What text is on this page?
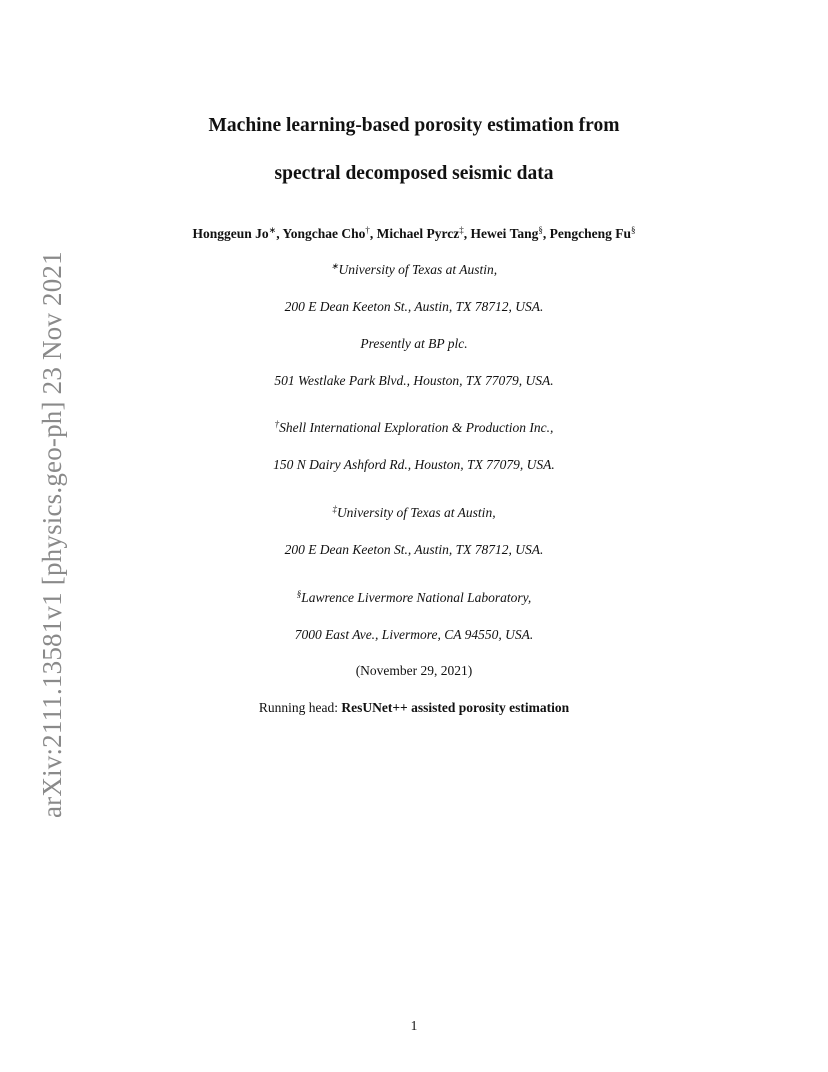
arXiv:2111.13581v1 [physics.geo-ph] 23 Nov 2021
Machine learning-based porosity estimation from
spectral decomposed seismic data
Honggeun Jo∗, Yongchae Cho†, Michael Pyrcz‡, Hewei Tang§, Pengcheng Fu§
∗University of Texas at Austin,
200 E Dean Keeton St., Austin, TX 78712, USA.
Presently at BP plc.
501 Westlake Park Blvd., Houston, TX 77079, USA.
†Shell International Exploration & Production Inc.,
150 N Dairy Ashford Rd., Houston, TX 77079, USA.
‡University of Texas at Austin,
200 E Dean Keeton St., Austin, TX 78712, USA.
§Lawrence Livermore National Laboratory,
7000 East Ave., Livermore, CA 94550, USA.
(November 29, 2021)
Running head: ResUNet++ assisted porosity estimation
1
